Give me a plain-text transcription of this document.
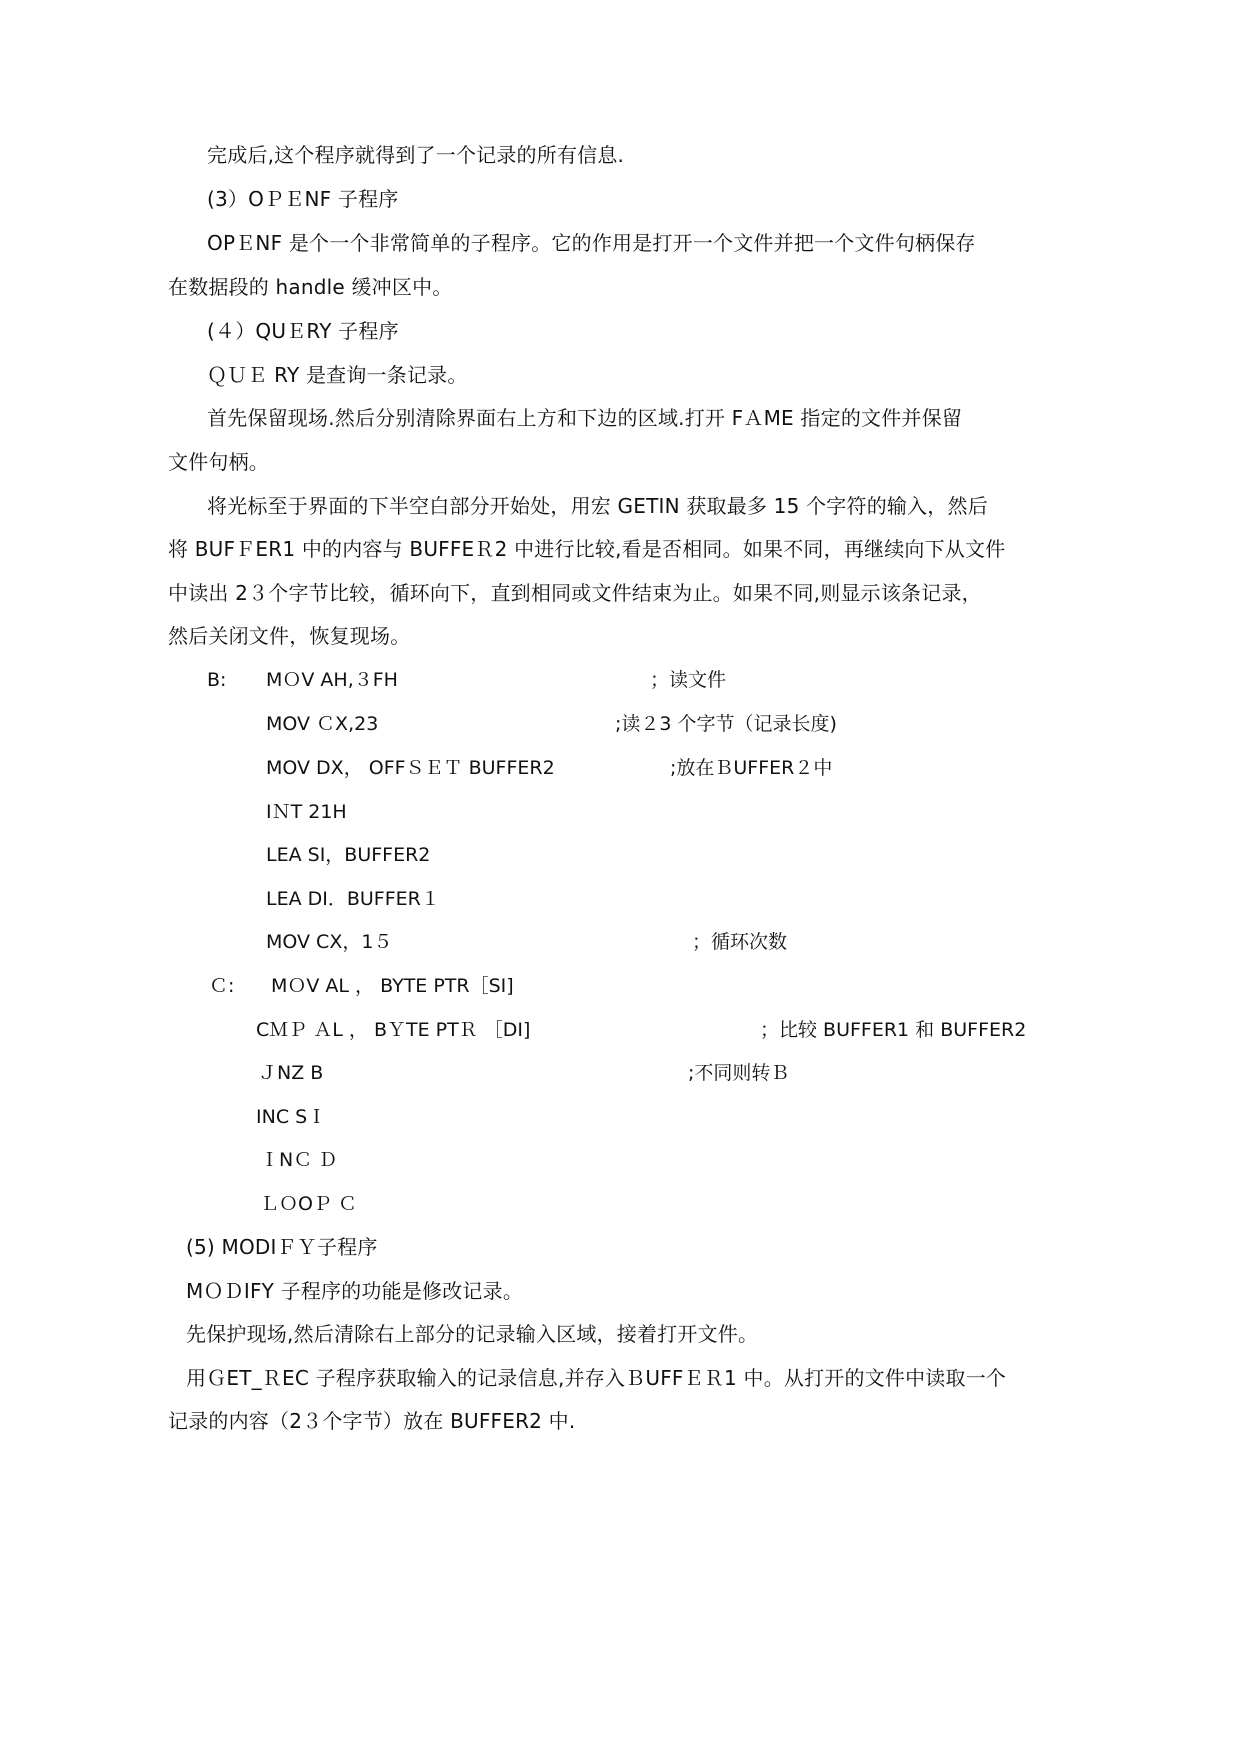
完成后,这个程序就得到了一个记录的所有信息.
(3）OＰＥNF 子程序
OPＥNF 是个一个非常简单的子程序。它的作用是打开一个文件并把一个文件句柄保存
在数据段的 handle 缓冲区中。
(４）QUＥRY 子程序
ＱＵＥ RY 是查询一条记录。
首先保留现场.然后分别清除界面右上方和下边的区域.打开 FＡME 指定的文件并保留
文件句柄。
将光标至于界面的下半空白部分开始处，用宏 GETIN 获取最多 15 个字符的输入，然后
将 BUFＦER1 中的内容与 BUFFEＲ2 中进行比较,看是否相同。如果不同，再继续向下从文件
中读出 2３个字节比较，循环向下，直到相同或文件结束为止。如果不同,则显示该条记录，
然后关闭文件，恢复现场。
B: MＯV AH,３FH	；读文件
MOV ＣX,23	;读２3 个字节（记录长度)
MOV DX， OFFＳＥＴ BUFFER2	;放在ＢUFFER２中
IＮT 21H
LEA SI，BUFFER2
LEA DI．BUFFER１
MOV CX，1５	；循环次数
Ｃ: MＯV AL ， BYTE PTR［SI]
CＭＰ ＡL ， BＹTE PTＲ ［DI]	；比较 BUFFER1 和 BUFFER2
ＪNZ B	;不同则转Ｂ
INC SＩ
ＩNＣ Ｄ
ＬＯOＰ Ｃ
(5) MODIＦＹ子程序
MＯＤIFY 子程序的功能是修改记录。
先保护现场,然后清除右上部分的记录输入区域，接着打开文件。
用ＧET_ＲEC 子程序获取输入的记录信息,并存入ＢUFFＥＲ1 中。从打开的文件中读取一个
记录的内容（2３个字节）放在 BUFFER2 中.
